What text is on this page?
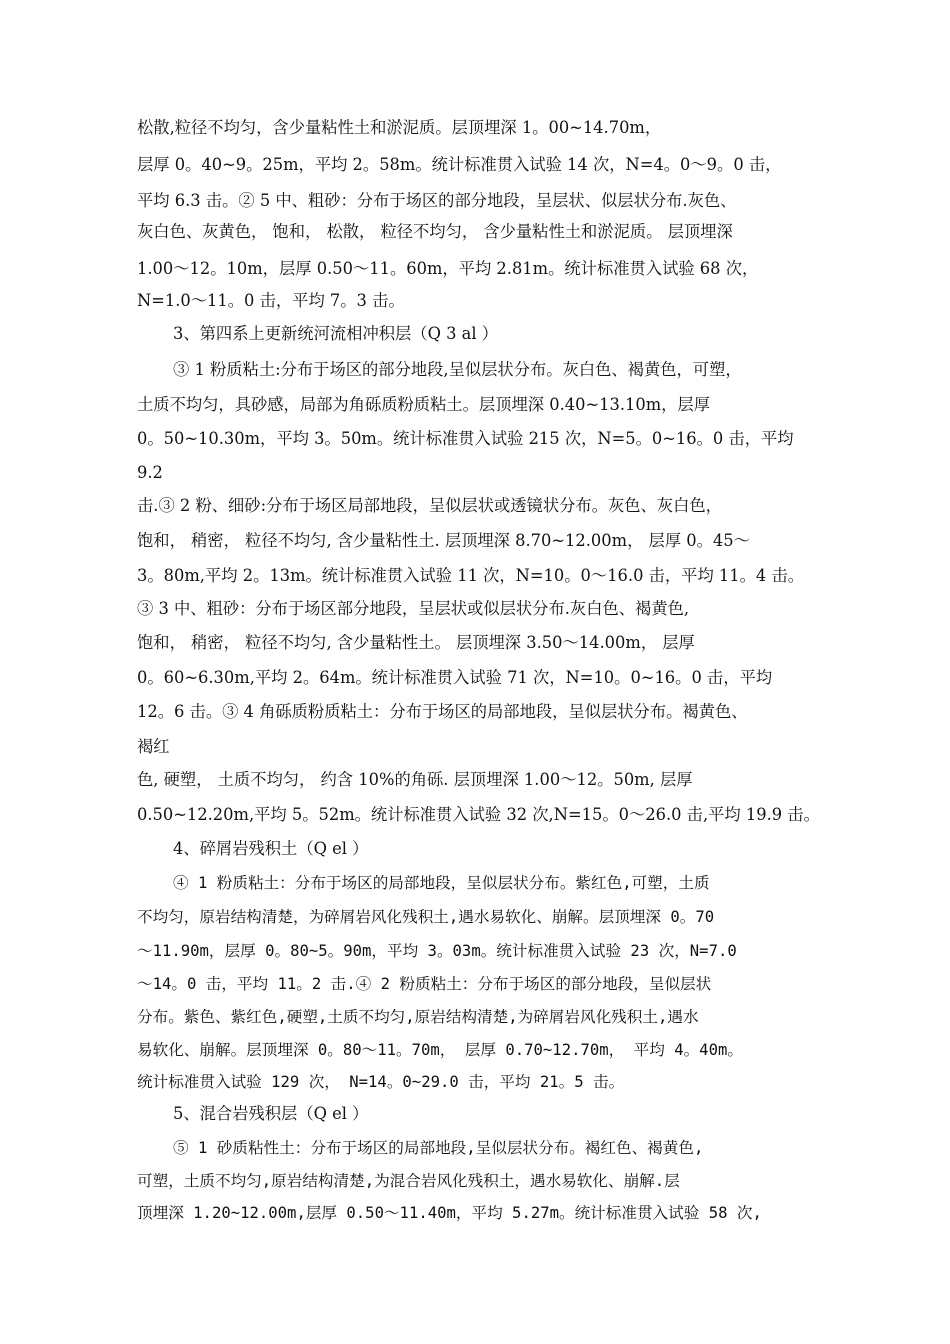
松散,粒径不均匀，含少量粘性土和淤泥质。层顶埋深 1。00~14.70m，
层厚 0。40~9。25m，平均 2。58m。统计标准贯入试验 14 次，N=4。0～9。0 击，
平均 6.3 击。② 5 中、粗砂：分布于场区的部分地段，呈层状、似层状分布.灰色、
灰白色、灰黄色， 饱和， 松散， 粒径不均匀， 含少量粘性土和淤泥质。 层顶埋深
1.00～12。10m，层厚 0.50～11。60m，平均 2.81m。统计标准贯入试验 68 次，
N=1.0～11。0 击，平均 7。3 击。
3、第四系上更新统河流相冲积层（Q 3 al ）
③ 1 粉质粘土:分布于场区的部分地段,呈似层状分布。灰白色、褐黄色，可塑，
土质不均匀，具砂感，局部为角砾质粉质粘土。层顶埋深 0.40~13.10m，层厚
0。50~10.30m，平均 3。50m。统计标准贯入试验 215 次，N=5。0~16。0 击，平均
9.2
击.③ 2 粉、细砂:分布于场区局部地段，呈似层状或透镜状分布。灰色、灰白色，
饱和， 稍密， 粒径不均匀, 含少量粘性土. 层顶埋深 8.70~12.00m， 层厚 0。45～
3。80m,平均 2。13m。统计标准贯入试验 11 次，N=10。0～16.0 击，平均 11。4 击。
③ 3 中、粗砂：分布于场区部分地段，呈层状或似层状分布.灰白色、褐黄色,
饱和， 稍密， 粒径不均匀, 含少量粘性土。 层顶埋深 3.50～14.00m， 层厚
0。60~6.30m,平均 2。64m。统计标准贯入试验 71 次，N=10。0~16。0 击，平均
12。6 击。③ 4 角砾质粉质粘土：分布于场区的局部地段，呈似层状分布。褐黄色、
褐红
色, 硬塑， 土质不均匀， 约含 10%的角砾. 层顶埋深 1.00～12。50m, 层厚
0.50~12.20m,平均 5。52m。统计标准贯入试验 32 次,N=15。0～26.0 击,平均 19.9 击。
4、碎屑岩残积土（Q el ）
④ 1 粉质粘土：分布于场区的局部地段，呈似层状分布。紫红色,可塑，土质
不均匀，原岩结构清楚，为碎屑岩风化残积土,遇水易软化、崩解。层顶埋深 0。70
～11.90m，层厚 0。80~5。90m，平均 3。03m。统计标准贯入试验 23 次，N=7.0
～14。0 击，平均 11。2 击.④ 2 粉质粘土：分布于场区的部分地段，呈似层状
分布。紫色、紫红色,硬塑,土质不均匀,原岩结构清楚,为碎屑岩风化残积土,遇水
易软化、崩解。层顶埋深 0。80～11。70m， 层厚 0.70~12.70m， 平均 4。40m。
统计标准贯入试验 129 次， N=14。0~29.0 击，平均 21。5 击。
5、混合岩残积层（Q el ）
⑤ 1 砂质粘性土：分布于场区的局部地段,呈似层状分布。褐红色、褐黄色,
可塑，土质不均匀,原岩结构清楚,为混合岩风化残积土，遇水易软化、崩解.层
顶埋深 1.20~12.00m,层厚 0.50～11.40m，平均 5.27m。统计标准贯入试验 58 次,
